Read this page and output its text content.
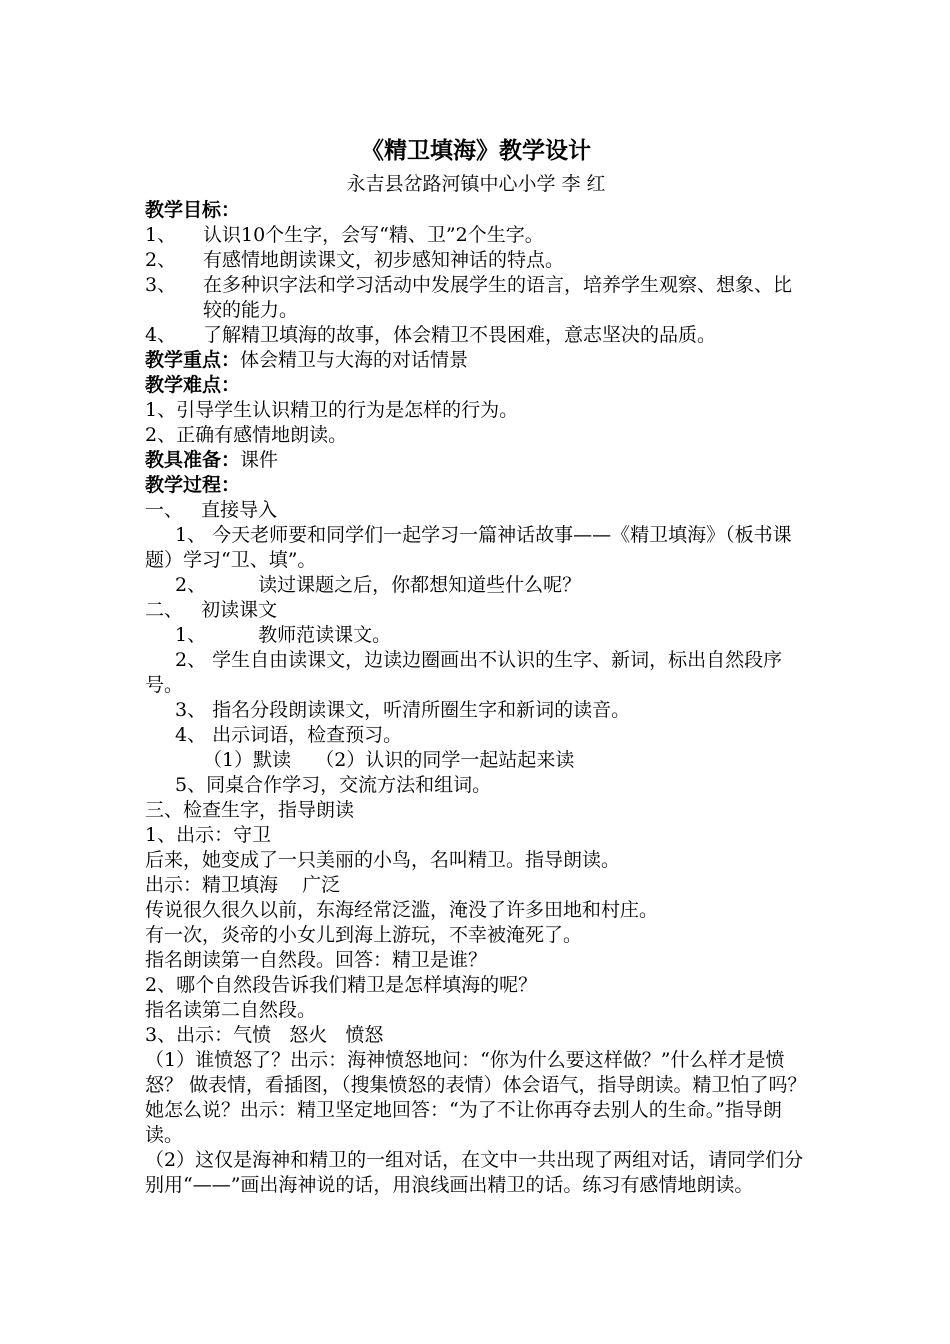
《精卫填海》教学设计
永吉县岔路河镇中心小学 李 红
教学目标：
1、	认识10个生字，会写“精、卫”2个生字。
2、	有感情地朗读课文，初步感知神话的特点。
3、	在多种识字法和学习活动中发展学生的语言，培养学生观察、想象、比较的能力。
4、	了解精卫填海的故事，体会精卫不畏困难，意志坚决的品质。
教学重点：体会精卫与大海的对话情景
教学难点：
1、引导学生认识精卫的行为是怎样的行为。
2、正确有感情地朗读。
教具准备：课件
教学过程：
一、   直接导入
1、 今天老师要和同学们一起学习一篇神话故事——《精卫填海》（板书课题）学习“卫、填”。
2、	读过课题之后，你都想知道些什么呢？
二、   初读课文
1、	教师范读课文。
2、 学生自由读课文，边读边圈画出不认识的生字、新词，标出自然段序号。
3、 指名分段朗读课文，听清所圈生字和新词的读音。
4、 出示词语，检查预习。
（1）默读    （2）认识的同学一起站起来读
5、同桌合作学习，交流方法和组词。
三、检查生字，指导朗读
1、出示：守卫
后来，她变成了一只美丽的小鸟，名叫精卫。指导朗读。
出示：精卫填海    广泛
传说很久很久以前，东海经常泛滥，淹没了许多田地和村庄。
有一次，炎帝的小女儿到海上游玩，不幸被淹死了。
指名朗读第一自然段。回答：精卫是谁？
2、哪个自然段告诉我们精卫是怎样填海的呢？
指名读第二自然段。
3、出示：气愤   怒火   愤怒
（1）谁愤怒了？出示：海神愤怒地问：“你为什么要这样做？”什么样才是愤怒？ 做表情，看插图，（搜集愤怒的表情）体会语气，指导朗读。精卫怕了吗？她怎么说？出示：精卫坚定地回答：“为了不让你再夺去别人的生命。”指导朗读。
（2）这仅是海神和精卫的一组对话，在文中一共出现了两组对话，请同学们分别用“——”画出海神说的话，用浪线画出精卫的话。练习有感情地朗读。
